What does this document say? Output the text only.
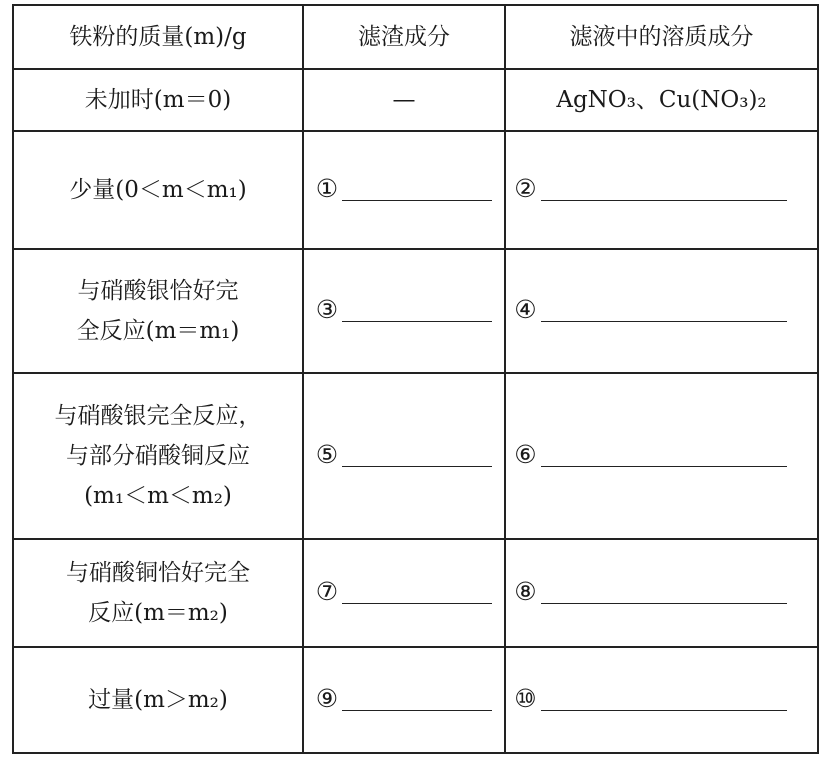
铁粉的质量(m)/g	滤渣成分	滤液中的溶质成分

未加时(m＝0)	—	AgNO₃、Cu(NO₃)₂

少量(0＜m＜m₁)	①	②

与硝酸银恰好完
全反应(m＝m₁)	③	④

与硝酸银完全反应，
与部分硝酸铜反应
(m₁＜m＜m₂)	⑤	⑥

与硝酸铜恰好完全
反应(m＝m₂)	⑦	⑧

过量(m＞m₂)	⑨	⑩
